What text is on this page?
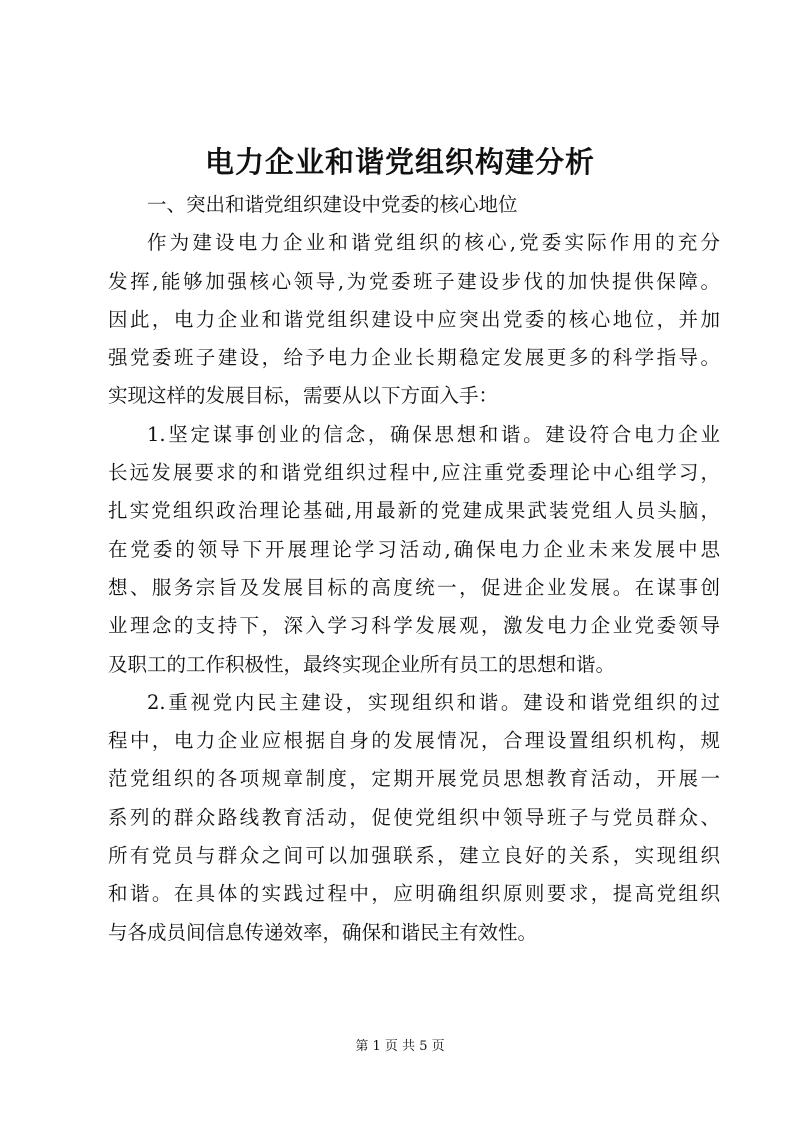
电力企业和谐党组织构建分析
一、突出和谐党组织建设中党委的核心地位
作为建设电力企业和谐党组织的核心,党委实际作用的充分
发挥,能够加强核心领导,为党委班子建设步伐的加快提供保障。
因此，电力企业和谐党组织建设中应突出党委的核心地位，并加
强党委班子建设，给予电力企业长期稳定发展更多的科学指导。
实现这样的发展目标，需要从以下方面入手：
1.坚定谋事创业的信念，确保思想和谐。建设符合电力企业
长远发展要求的和谐党组织过程中,应注重党委理论中心组学习，
扎实党组织政治理论基础,用最新的党建成果武装党组人员头脑，
在党委的领导下开展理论学习活动,确保电力企业未来发展中思
想、服务宗旨及发展目标的高度统一，促进企业发展。在谋事创
业理念的支持下，深入学习科学发展观，激发电力企业党委领导
及职工的工作积极性，最终实现企业所有员工的思想和谐。
2.重视党内民主建设，实现组织和谐。建设和谐党组织的过
程中，电力企业应根据自身的发展情况，合理设置组织机构，规
范党组织的各项规章制度，定期开展党员思想教育活动，开展一
系列的群众路线教育活动，促使党组织中领导班子与党员群众、
所有党员与群众之间可以加强联系，建立良好的关系，实现组织
和谐。在具体的实践过程中，应明确组织原则要求，提高党组织
与各成员间信息传递效率，确保和谐民主有效性。
第 1 页 共 5 页
